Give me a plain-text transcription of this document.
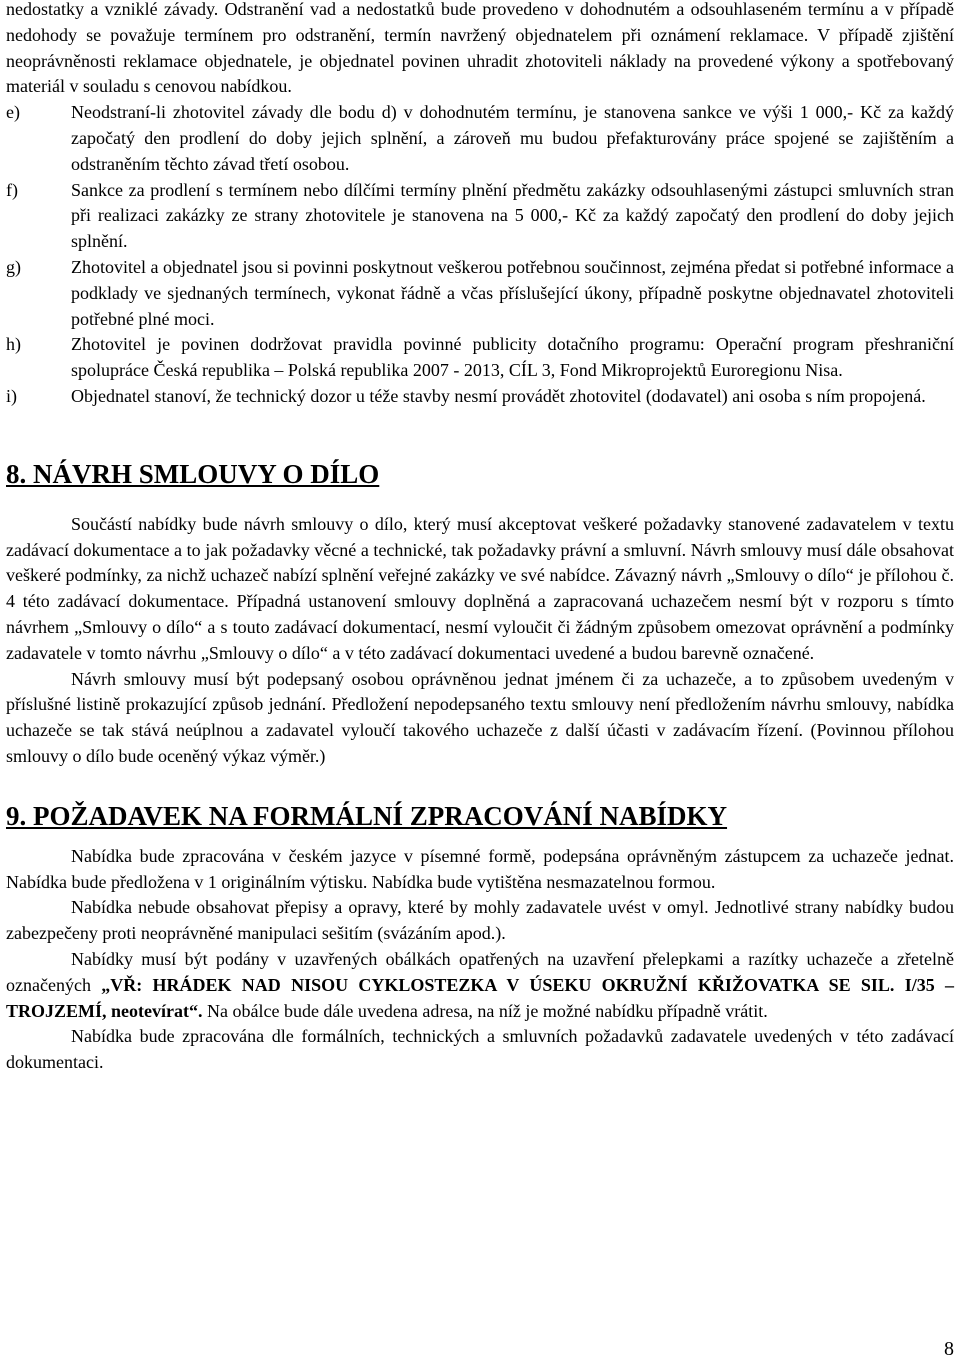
nedostatky a vzniklé závady. Odstranění vad a nedostatků bude provedeno v dohodnutém a odsouhlaseném termínu a v případě nedohody se považuje termínem pro odstranění, termín navržený objednatelem při oznámení reklamace. V případě zjištění neoprávněnosti reklamace objednatele, je objednatel povinen uhradit zhotoviteli náklady na provedené výkony a spotřebovaný materiál v souladu s cenovou nabídkou.

e)	Neodstraní-li zhotovitel závady dle bodu d) v dohodnutém termínu, je stanovena sankce ve výši 1 000,- Kč za každý započatý den prodlení do doby jejich splnění, a zároveň mu budou přefakturovány práce spojené se zajištěním a odstraněním těchto závad třetí osobou.
f)	Sankce za prodlení s termínem nebo dílčími termíny plnění předmětu zakázky odsouhlasenými zástupci smluvních stran při realizaci zakázky ze strany zhotovitele je stanovena na 5 000,- Kč za každý započatý den prodlení do doby jejich splnění.
g)	Zhotovitel a objednatel jsou si povinni poskytnout veškerou potřebnou součinnost, zejména předat si potřebné informace a podklady ve sjednaných termínech, vykonat řádně a včas příslušející úkony, případně poskytne objednavatel zhotoviteli potřebné plné moci.
h)	Zhotovitel je povinen dodržovat pravidla povinné publicity dotačního programu: Operační program přeshraniční spolupráce Česká republika – Polská republika 2007 - 2013, CÍL 3, Fond Mikroprojektů Euroregionu Nisa.
i)	Objednatel stanoví, že technický dozor u téže stavby nesmí provádět zhotovitel (dodavatel) ani osoba s ním propojená.
8. NÁVRH SMLOUVY O DÍLO

Součástí nabídky bude návrh smlouvy o dílo, který musí akceptovat veškeré požadavky stanovené zadavatelem v textu zadávací dokumentace a to jak požadavky věcné a technické, tak požadavky právní a smluvní. Návrh smlouvy musí dále obsahovat veškeré podmínky, za nichž uchazeč nabízí splnění veřejné zakázky ve své nabídce. Závazný návrh „Smlouvy o dílo“ je přílohou č. 4 této zadávací dokumentace. Případná ustanovení smlouvy doplněná a zapracovaná uchazečem nesmí být v rozporu s tímto návrhem „Smlouvy o dílo“ a s touto zadávací dokumentací, nesmí vyloučit či žádným způsobem omezovat oprávnění a podmínky zadavatele v tomto návrhu „Smlouvy o dílo“ a v této zadávací dokumentaci uvedené a budou barevně označené.

Návrh smlouvy musí být podepsaný osobou oprávněnou jednat jménem či za uchazeče, a to způsobem uvedeným v příslušné listině prokazující způsob jednání. Předložení nepodepsaného textu smlouvy není předložením návrhu smlouvy, nabídka uchazeče se tak stává neúplnou a zadavatel vyloučí takového uchazeče z další účasti v zadávacím řízení. (Povinnou přílohou smlouvy o dílo bude oceněný výkaz výměr.)

9. POŽADAVEK NA FORMÁLNÍ ZPRACOVÁNÍ NABÍDKY

Nabídka bude zpracována v českém jazyce v písemné formě, podepsána oprávněným zástupcem za uchazeče jednat. Nabídka bude předložena v 1 originálním výtisku. Nabídka bude vytištěna nesmazatelnou formou.

Nabídka nebude obsahovat přepisy a opravy, které by mohly zadavatele uvést v omyl. Jednotlivé strany nabídky budou zabezpečeny proti neoprávněné manipulaci sešitím (svázáním apod.).

Nabídky musí být podány v uzavřených obálkách opatřených na uzavření přelepkami a razítky uchazeče a zřetelně označených „VŘ: HRÁDEK NAD NISOU CYKLOSTEZKA V ÚSEKU OKRUŽNÍ KŘIŽOVATKA SE SIL. I/35 – TROJZEMÍ, neotevírat“. Na obálce bude dále uvedena adresa, na níž je možné nabídku případně vrátit.

Nabídka bude zpracována dle formálních, technických a smluvních požadavků zadavatele uvedených v této zadávací dokumentaci.

8
